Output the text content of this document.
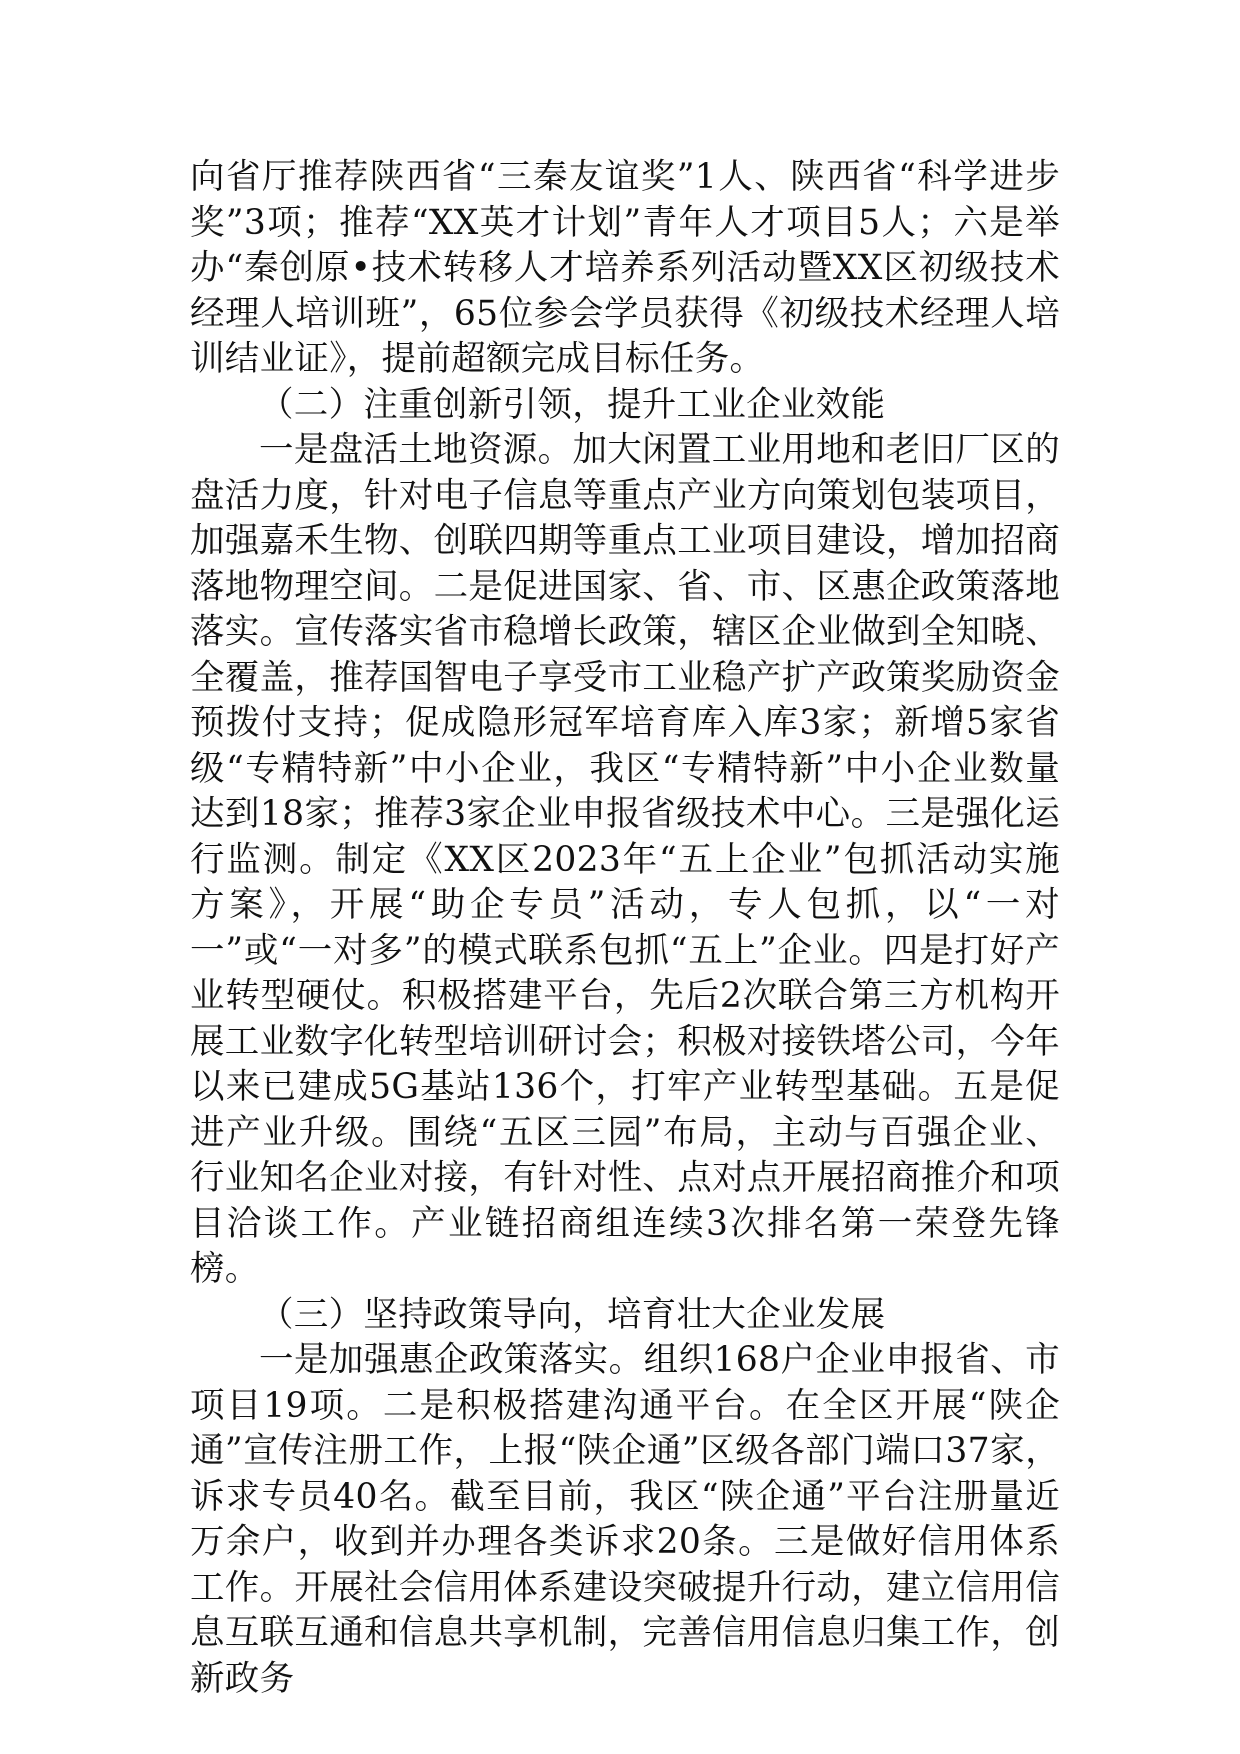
向省厅推荐陕西省“三秦友谊奖”1人、陕西省“科学进步奖”3项；推荐“XX英才计划”青年人才项目5人；六是举办“秦创原•技术转移人才培养系列活动暨XX区初级技术经理人培训班”，65位参会学员获得《初级技术经理人培训结业证》，提前超额完成目标任务。

（二）注重创新引领，提升工业企业效能

一是盘活土地资源。加大闲置工业用地和老旧厂区的盘活力度，针对电子信息等重点产业方向策划包装项目，加强嘉禾生物、创联四期等重点工业项目建设，增加招商落地物理空间。二是促进国家、省、市、区惠企政策落地落实。宣传落实省市稳增长政策，辖区企业做到全知晓、全覆盖，推荐国智电子享受市工业稳产扩产政策奖励资金预拨付支持；促成隐形冠军培育库入库3家；新增5家省级“专精特新”中小企业，我区“专精特新”中小企业数量达到18家；推荐3家企业申报省级技术中心。三是强化运行监测。制定《XX区2023年“五上企业”包抓活动实施方案》，开展“助企专员”活动，专人包抓，以“一对一”或“一对多”的模式联系包抓“五上”企业。四是打好产业转型硬仗。积极搭建平台，先后2次联合第三方机构开展工业数字化转型培训研讨会；积极对接铁塔公司，今年以来已建成5G基站136个，打牢产业转型基础。五是促进产业升级。围绕“五区三园”布局，主动与百强企业、行业知名企业对接，有针对性、点对点开展招商推介和项目洽谈工作。产业链招商组连续3次排名第一荣登先锋榜。

（三）坚持政策导向，培育壮大企业发展

一是加强惠企政策落实。组织168户企业申报省、市项目19项。二是积极搭建沟通平台。在全区开展“陕企通”宣传注册工作，上报“陕企通”区级各部门端口37家，诉求专员40名。截至目前，我区“陕企通”平台注册量近万余户，收到并办理各类诉求20条。三是做好信用体系工作。开展社会信用体系建设突破提升行动，建立信用信息互联互通和信息共享机制，完善信用信息归集工作，创新政务
